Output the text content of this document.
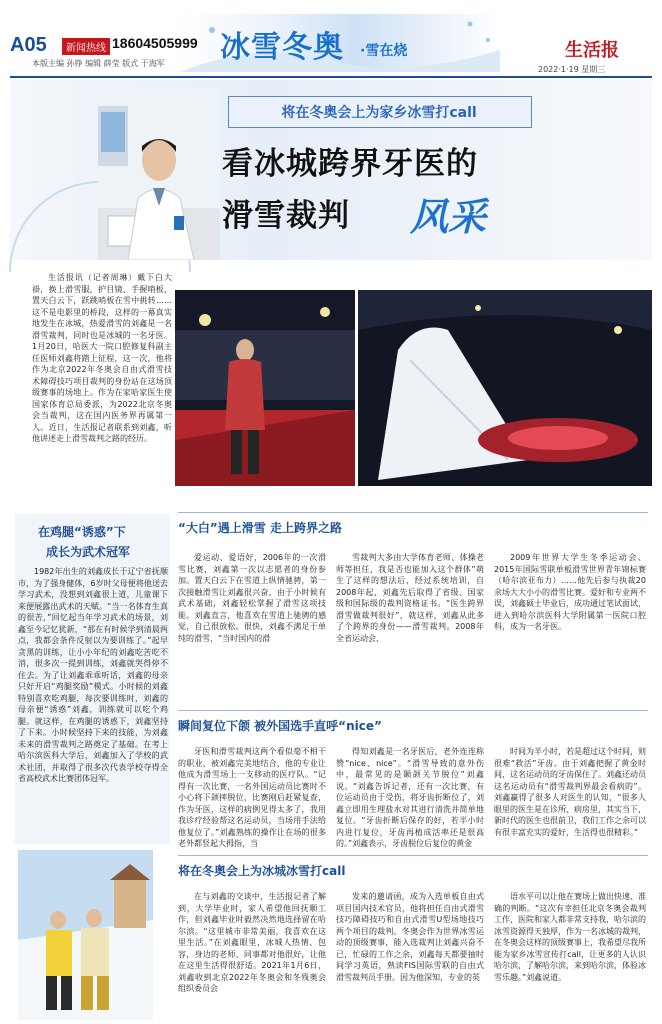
A05	新闻热线 18604505999
本版主编 孙铮 编辑 薛莹 版式 于海军 冰雪冬奥	·雪在烧	生活报
2022·1·19 星期三
将在冬奥会上为家乡冰雪打call
看冰城跨界牙医的
滑雪裁判 风采
生活报讯（记者周琳）戴下白大褂，换上滑雪服，护目镜、手握哨板，置天白云下，跃跳哨板在雪中挑转……这不是电影里的桥段，这样的一幕真实地发生在冰城，热爱滑雪的刘鑫是一名滑雪裁判，同时也是冰城的一名牙医。1月20日，哈医大一院口腔修复科副主任医师刘鑫将踏上征程，这一次，他将作为北京2022年冬奥会自由式滑雪技术障碍技巧项目裁判的身份站在这场顶级赛事的场地上。作为在家哈家医生使国家体育总局委派，为2022北京冬奥会当裁判，这在国内医务界再属第一人。近日，生活报记者联系到刘鑫，听他讲述走上滑雪裁判之路的经历。
在鸡腿“诱惑”下
成长为武术冠军
1982年出生的刘鑫成长于辽宁省抚顺市，为了强身健体，6岁时父母便将他送去学习武术，没想到刘鑫很上道，儿童课下来便展露出武术的天赋。“当一名体育生真的很苦，”回忆起当年学习武术的场景，刘鑫至今记忆犹新，“那在有时候学到清晨两点，我都会条件反射以为要训练了。”起早贪黑的训练，让小小年纪的刘鑫吃苦吃不消，很多次一提到训练，刘鑫就哭得停不住去。为了让刘鑫乖乖听话，刘鑫的母亲只好开启“鸡腿奖励”模式。小时候的刘鑫特别喜欢吃鸡腿，每次要训练时，刘鑫的母亲便“诱惑”刘鑫，训练就可以吃个鸡腿。就这样，在鸡腿的诱惑下，刘鑫坚持了下来。小时候坚持下来的技能，为刘鑫未来的滑雪裁判之路奠定了基础。在考上哈尔滨医科大学后，刘鑫加入了学校的武术社团，并取得了很多次代表学校夺得全省高校武术比赛团体冠军。
“大白”遇上滑雪 走上跨界之路
爱运动、爱语好，2006年的一次滑雪比赛，刘鑫第一次以志愿者的身份参加。置天白云下在雪道上纵情驰骋，第一次接触滑雪让刘鑫很兴奋，由于小时候有武术基础，刘鑫轻松掌握了滑雪这项技能。刘鑫直言，他喜欢在雪道上驰骋的感觉，自己很放松。很快，刘鑫不满足于单纯的滑雪，“当时国内的滑
雪裁判大多由大学体育老师、体操老师等担任，我是否也能加入这个群体”萌生了这样的想法后，经过系统培训，自2008年起，刘鑫先后取得了省级、国家级和国际级的裁判资格证书。“医生跨界滑雪做裁判很好”，就这样，刘鑫从此多了个跨界的身份——滑雪裁判。2008年全省运动会、
2009年世界大学生冬季运动会、2015年国际雪联单板滑雪世界青年锦标赛（哈尔滨亚布力）……他先后参与执裁20余场大大小小的滑雪比赛。爱好和专业两不误，刘鑫硕士毕业后，成功通过笔试面试，进入到哈尔滨医科大学附属第一医院口腔科，成为一名牙医。
瞬间复位下颌 被外国选手直呼“nice”
牙医和滑雪裁判这两个看似毫不相干的职业，被刘鑫完美地结合，他的专业让他成为滑雪场上一支移动的医疗队。“记得有一次比赛，一名外国运动员比赛时不小心将下颌摔脱位，比赛刚后赶紧复查，作为牙医，这样的病例见得太多了，我用我诊疗经验帮这名运动员，当场用手法给他复位了。”刘鑫熟练的操作让在场的很多老外都竖起大拇指，当
得知刘鑫是一名牙医后，老外连连称赞“nice、nice”。“滑雪导致的意外伤中，最常见的是颞颌关节脱位”刘鑫说。“刘鑫告诉记者，还有一次比赛，有位运动员由于受伤，将牙齿折断位了，刘鑫立即用生理盐水对其进行清洗并简单地复位。“牙齿折断后保存的好，若半小时内进行复位，牙齿再植成活率还是很高的。”刘鑫表示，牙齿脱位后复位的黄金
时间为半小时，若是超过这个时间，则很难“救活”牙齿。由于刘鑫把握了黄金时间，这名运动员的牙齿保住了。刘鑫还动员这名运动员有“滑雪裁判界最会看病的”。刘鑫赢得了很多人对医生的认知，“很多人眼里的医生是在诊所、病房里，其实当下，新时代的医生也很前卫，我们工作之余可以有很丰富充实的爱好，生活得也很精彩。”
将在冬奥会上为冰城冰雪打call
在与刘鑫的交谈中，生活报记者了解到，大学毕业时，家人希望他回抚顺工作，但刘鑫毕业时毅然决然地选择留在哈尔滨。“这里城市非常美丽，我喜欢在这里生活。”在刘鑫眼里，冰城人热情、包容，身边的老师、同事都对他很好，让他在这里生活得很舒适。2021年1月6日，刘鑫收到北京2022年冬奥会和冬残奥会组织委员会
发来的邀请函，成为入选单板自由式项目国内技术官员，他将担任自由式滑雪技巧障碍技巧和自由式滑雪U型场地技巧两个项目的裁判。冬奥会作为世界冰雪运动的顶级赛事，能入选裁判让刘鑫兴奋不已，忙碌的工作之余，刘鑫每天都要抽时间学习英语，熟读FIS国际雪联的自由式滑雪裁判员手册。因为他深知，专业的英
语水平可以让他在赛场上做出快速、准确的判断。“这次有幸担任北京冬奥会裁判工作，医院和家人都非常支持我，哈尔滨的冰雪资源得天独厚，作为一名冰城的裁判，在冬奥会这样的顶级赛事上，我希望尽我所能为家乡冰雪宣传打call，让更多的人认识哈尔滨，了解哈尔滨，来到哈尔滨，体验冰雪乐趣。”刘鑫说道。
